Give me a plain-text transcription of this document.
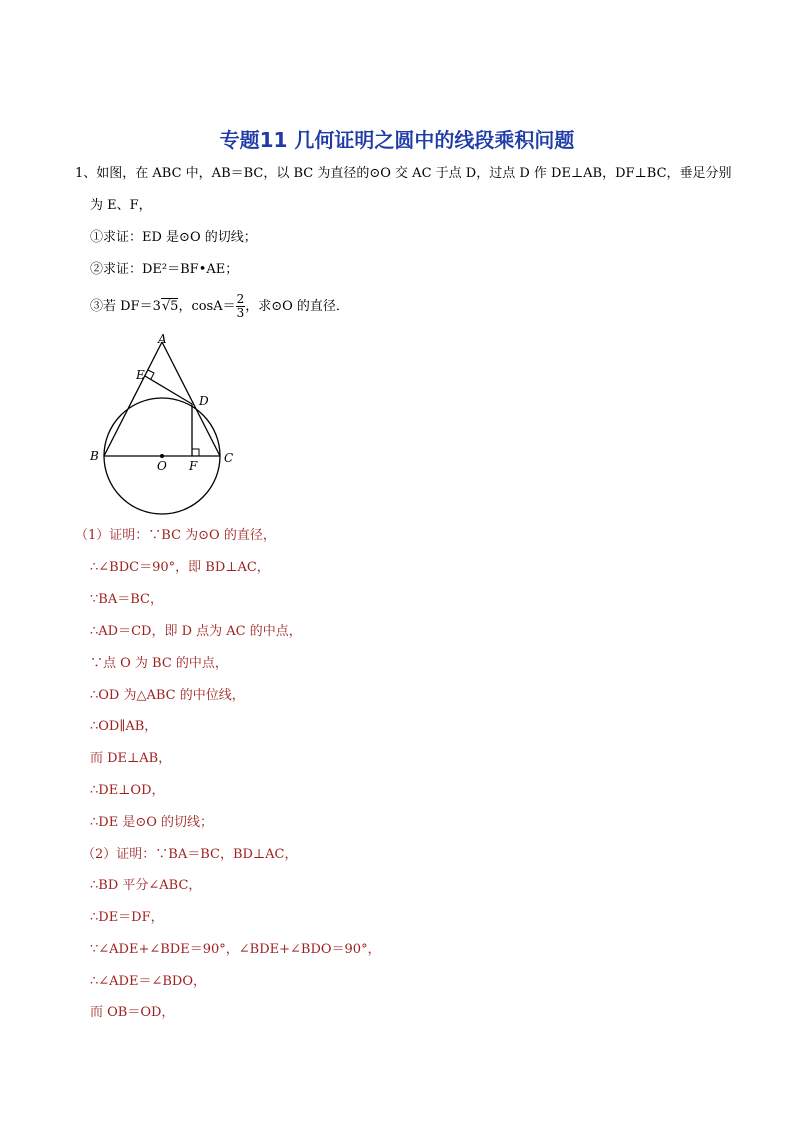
专题11 几何证明之圆中的线段乘积问题
1、如图，在 ABC 中，AB＝BC，以 BC 为直径的⊙O 交 AC 于点 D，过点 D 作 DE⊥AB，DF⊥BC，垂足分别
为 E、F，
①求证：ED 是⊙O 的切线；
②求证：DE²＝BF•AE；
③若 DF＝3√5，$\cos A= \frac{2}{3}$ ，求⊙O 的直径．
A
E
D
B
O F
C
（1）证明：∵BC 为⊙O 的直径，
∴∠BDC＝90°，即 BD⊥AC，
∵BA＝BC，
∴AD＝CD，即 D 点为 AC 的中点，
∵点 O 为 BC 的中点，
∴OD 为△ABC 的中位线，
∴OD∥AB，
而 DE⊥AB，
∴DE⊥OD，
∴DE 是⊙O 的切线；
（2）证明：∵BA＝BC，BD⊥AC，
∴BD 平分∠ABC，
∴DE＝DF，
∵∠ADE+∠BDE＝90°，∠BDE+∠BDO＝90°，
∴∠ADE＝∠BDO，
而 OB＝OD，
